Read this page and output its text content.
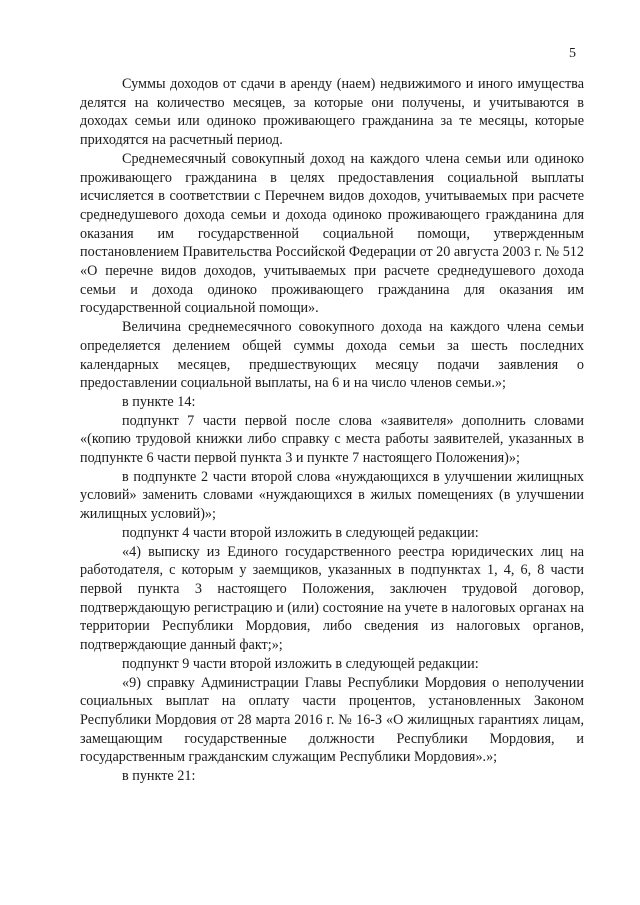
5

Суммы доходов от сдачи в аренду (наем) недвижимого и иного имущества делятся на количество месяцев, за которые они получены, и учитываются в доходах семьи или одиноко проживающего гражданина за те месяцы, которые приходятся на расчетный период.

Среднемесячный совокупный доход на каждого члена семьи или одиноко проживающего гражданина в целях предоставления социальной выплаты исчисляется в соответствии с Перечнем видов доходов, учитываемых при расчете среднедушевого дохода семьи и дохода одиноко проживающего гражданина для оказания им государственной социальной помощи, утвержденным постановлением Правительства Российской Федерации от 20 августа 2003 г. № 512 «О перечне видов доходов, учитываемых при расчете среднедушевого дохода семьи и дохода одиноко проживающего гражданина для оказания им государственной социальной помощи».

Величина среднемесячного совокупного дохода на каждого члена семьи определяется делением общей суммы дохода семьи за шесть последних календарных месяцев, предшествующих месяцу подачи заявления о предоставлении социальной выплаты, на 6 и на число членов семьи.»;

в пункте 14:

подпункт 7 части первой после слова «заявителя» дополнить словами «(копию трудовой книжки либо справку с места работы заявителей, указанных в подпункте 6 части первой пункта 3 и пункте 7 настоящего Положения)»;

в подпункте 2 части второй слова «нуждающихся в улучшении жилищных условий» заменить словами «нуждающихся в жилых помещениях (в улучшении жилищных условий)»;

подпункт 4 части второй изложить в следующей редакции:

«4) выписку из Единого государственного реестра юридических лиц на работодателя, с которым у заемщиков, указанных в подпунктах 1, 4, 6, 8 части первой пункта 3 настоящего Положения, заключен трудовой договор, подтверждающую регистрацию и (или) состояние на учете в налоговых органах на территории Республики Мордовия, либо сведения из налоговых органов, подтверждающие данный факт;»;

подпункт 9 части второй изложить в следующей редакции:

«9) справку Администрации Главы Республики Мордовия о неполучении социальных выплат на оплату части процентов, установленных Законом Республики Мордовия от 28 марта 2016 г. № 16-З «О жилищных гарантиях лицам, замещающим государственные должности Республики Мордовия, и государственным гражданским служащим Республики Мордовия».»;

в пункте 21:
